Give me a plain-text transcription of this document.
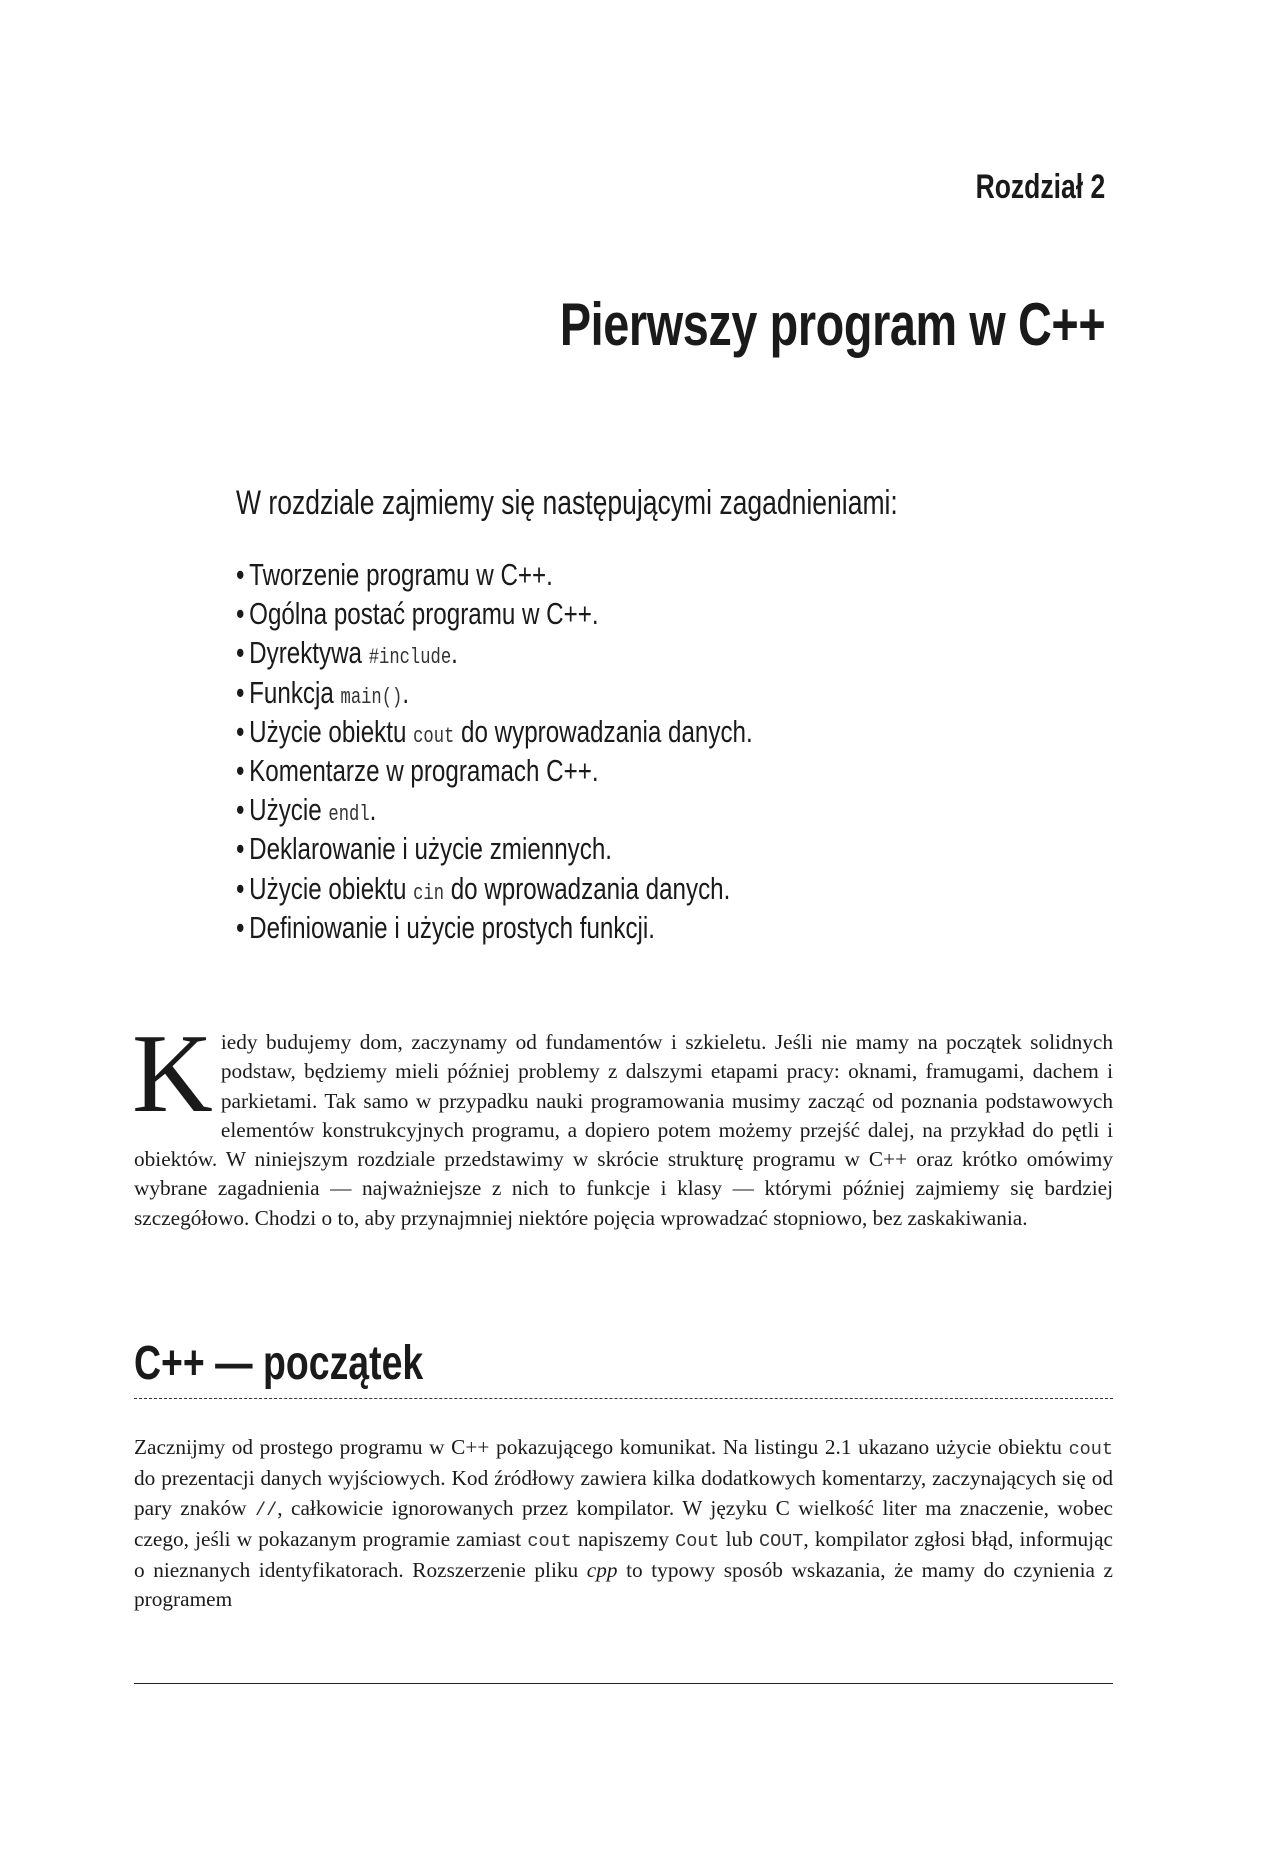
Rozdział 2
Pierwszy program w C++
W rozdziale zajmiemy się następującymi zagadnieniami:
• Tworzenie programu w C++.
• Ogólna postać programu w C++.
• Dyrektywa #include.
• Funkcja main().
• Użycie obiektu cout do wyprowadzania danych.
• Komentarze w programach C++.
• Użycie endl.
• Deklarowanie i użycie zmiennych.
• Użycie obiektu cin do wprowadzania danych.
• Definiowanie i użycie prostych funkcji.
Kiedy budujemy dom, zaczynamy od fundamentów i szkieletu. Jeśli nie mamy na początek solidnych podstaw, będziemy mieli później problemy z dalszymi etapami pracy: oknami, framugami, dachem i parkietami. Tak samo w przypadku nauki programowania musimy zacząć od poznania podstawowych elementów konstrukcyjnych programu, a dopiero potem możemy przejść dalej, na przykład do pętli i obiektów. W niniejszym rozdziale przedstawimy w skrócie strukturę programu w C++ oraz krótko omówimy wybrane zagadnienia — najważniejsze z nich to funkcje i klasy — którymi później zajmiemy się bardziej szczegółowo. Chodzi o to, aby przynajmniej niektóre pojęcia wprowadzać stopniowo, bez zaskakiwania.
C++ — początek
Zacznijmy od prostego programu w C++ pokazującego komunikat. Na listingu 2.1 ukazano użycie obiektu cout do prezentacji danych wyjściowych. Kod źródłowy zawiera kilka dodatkowych komentarzy, zaczynających się od pary znaków //, całkowicie ignorowanych przez kompilator. W języku C wielkość liter ma znaczenie, wobec czego, jeśli w pokazanym programie zamiast cout napiszemy Cout lub COUT, kompilator zgłosi błąd, informując o nieznanych identyfikatorach. Rozszerzenie pliku cpp to typowy sposób wskazania, że mamy do czynienia z programem
